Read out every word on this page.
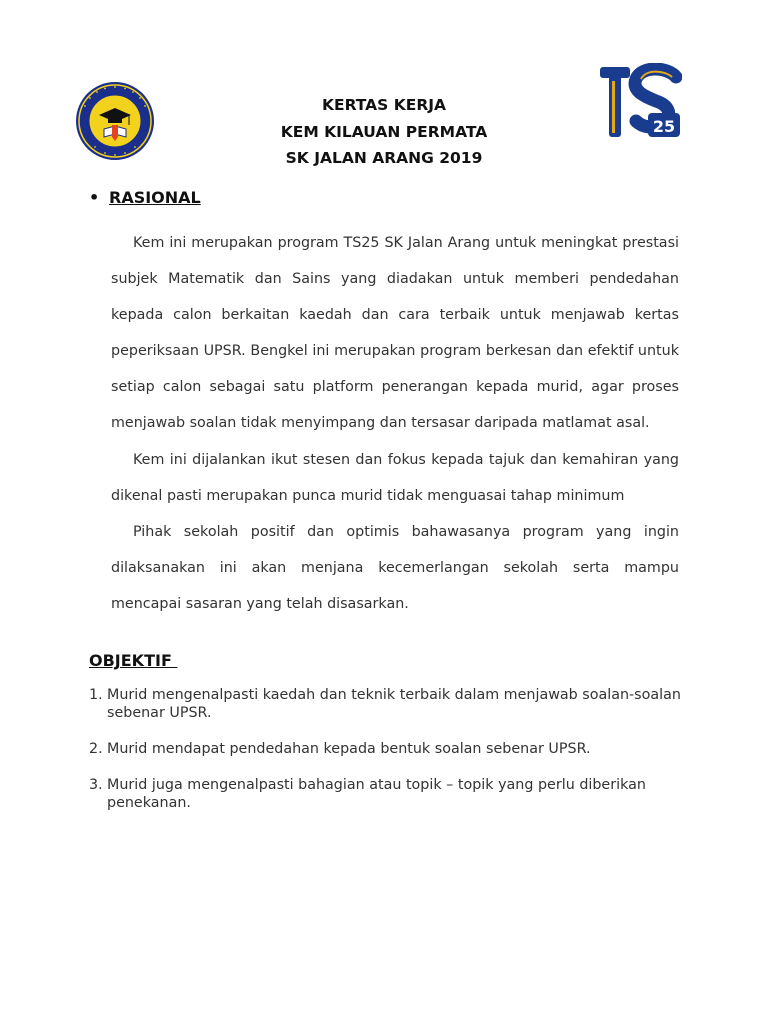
25
KERTAS KERJA
KEM KILAUAN PERMATA
SK JALAN ARANG 2019
• RASIONAL

Kem ini merupakan program TS25 SK Jalan Arang untuk meningkat prestasi subjek Matematik dan Sains yang diadakan untuk memberi pendedahan kepada calon berkaitan kaedah dan cara terbaik untuk menjawab kertas peperiksaan UPSR. Bengkel ini merupakan program berkesan dan efektif untuk setiap calon sebagai satu platform penerangan kepada murid, agar proses menjawab soalan tidak menyimpang dan tersasar daripada matlamat asal.

Kem ini dijalankan ikut stesen dan fokus kepada tajuk dan kemahiran yang dikenal pasti merupakan punca murid tidak menguasai tahap minimum

Pihak sekolah positif dan optimis bahawasanya program yang ingin dilaksanakan ini akan menjana kecemerlangan sekolah serta mampu mencapai sasaran yang telah disasarkan.

OBJEKTIF
1. Murid mengenalpasti kaedah dan teknik terbaik dalam menjawab soalan-soalan sebenar UPSR.
2. Murid mendapat pendedahan kepada bentuk soalan sebenar UPSR.
3. Murid juga mengenalpasti bahagian atau topik – topik yang perlu diberikan penekanan.
